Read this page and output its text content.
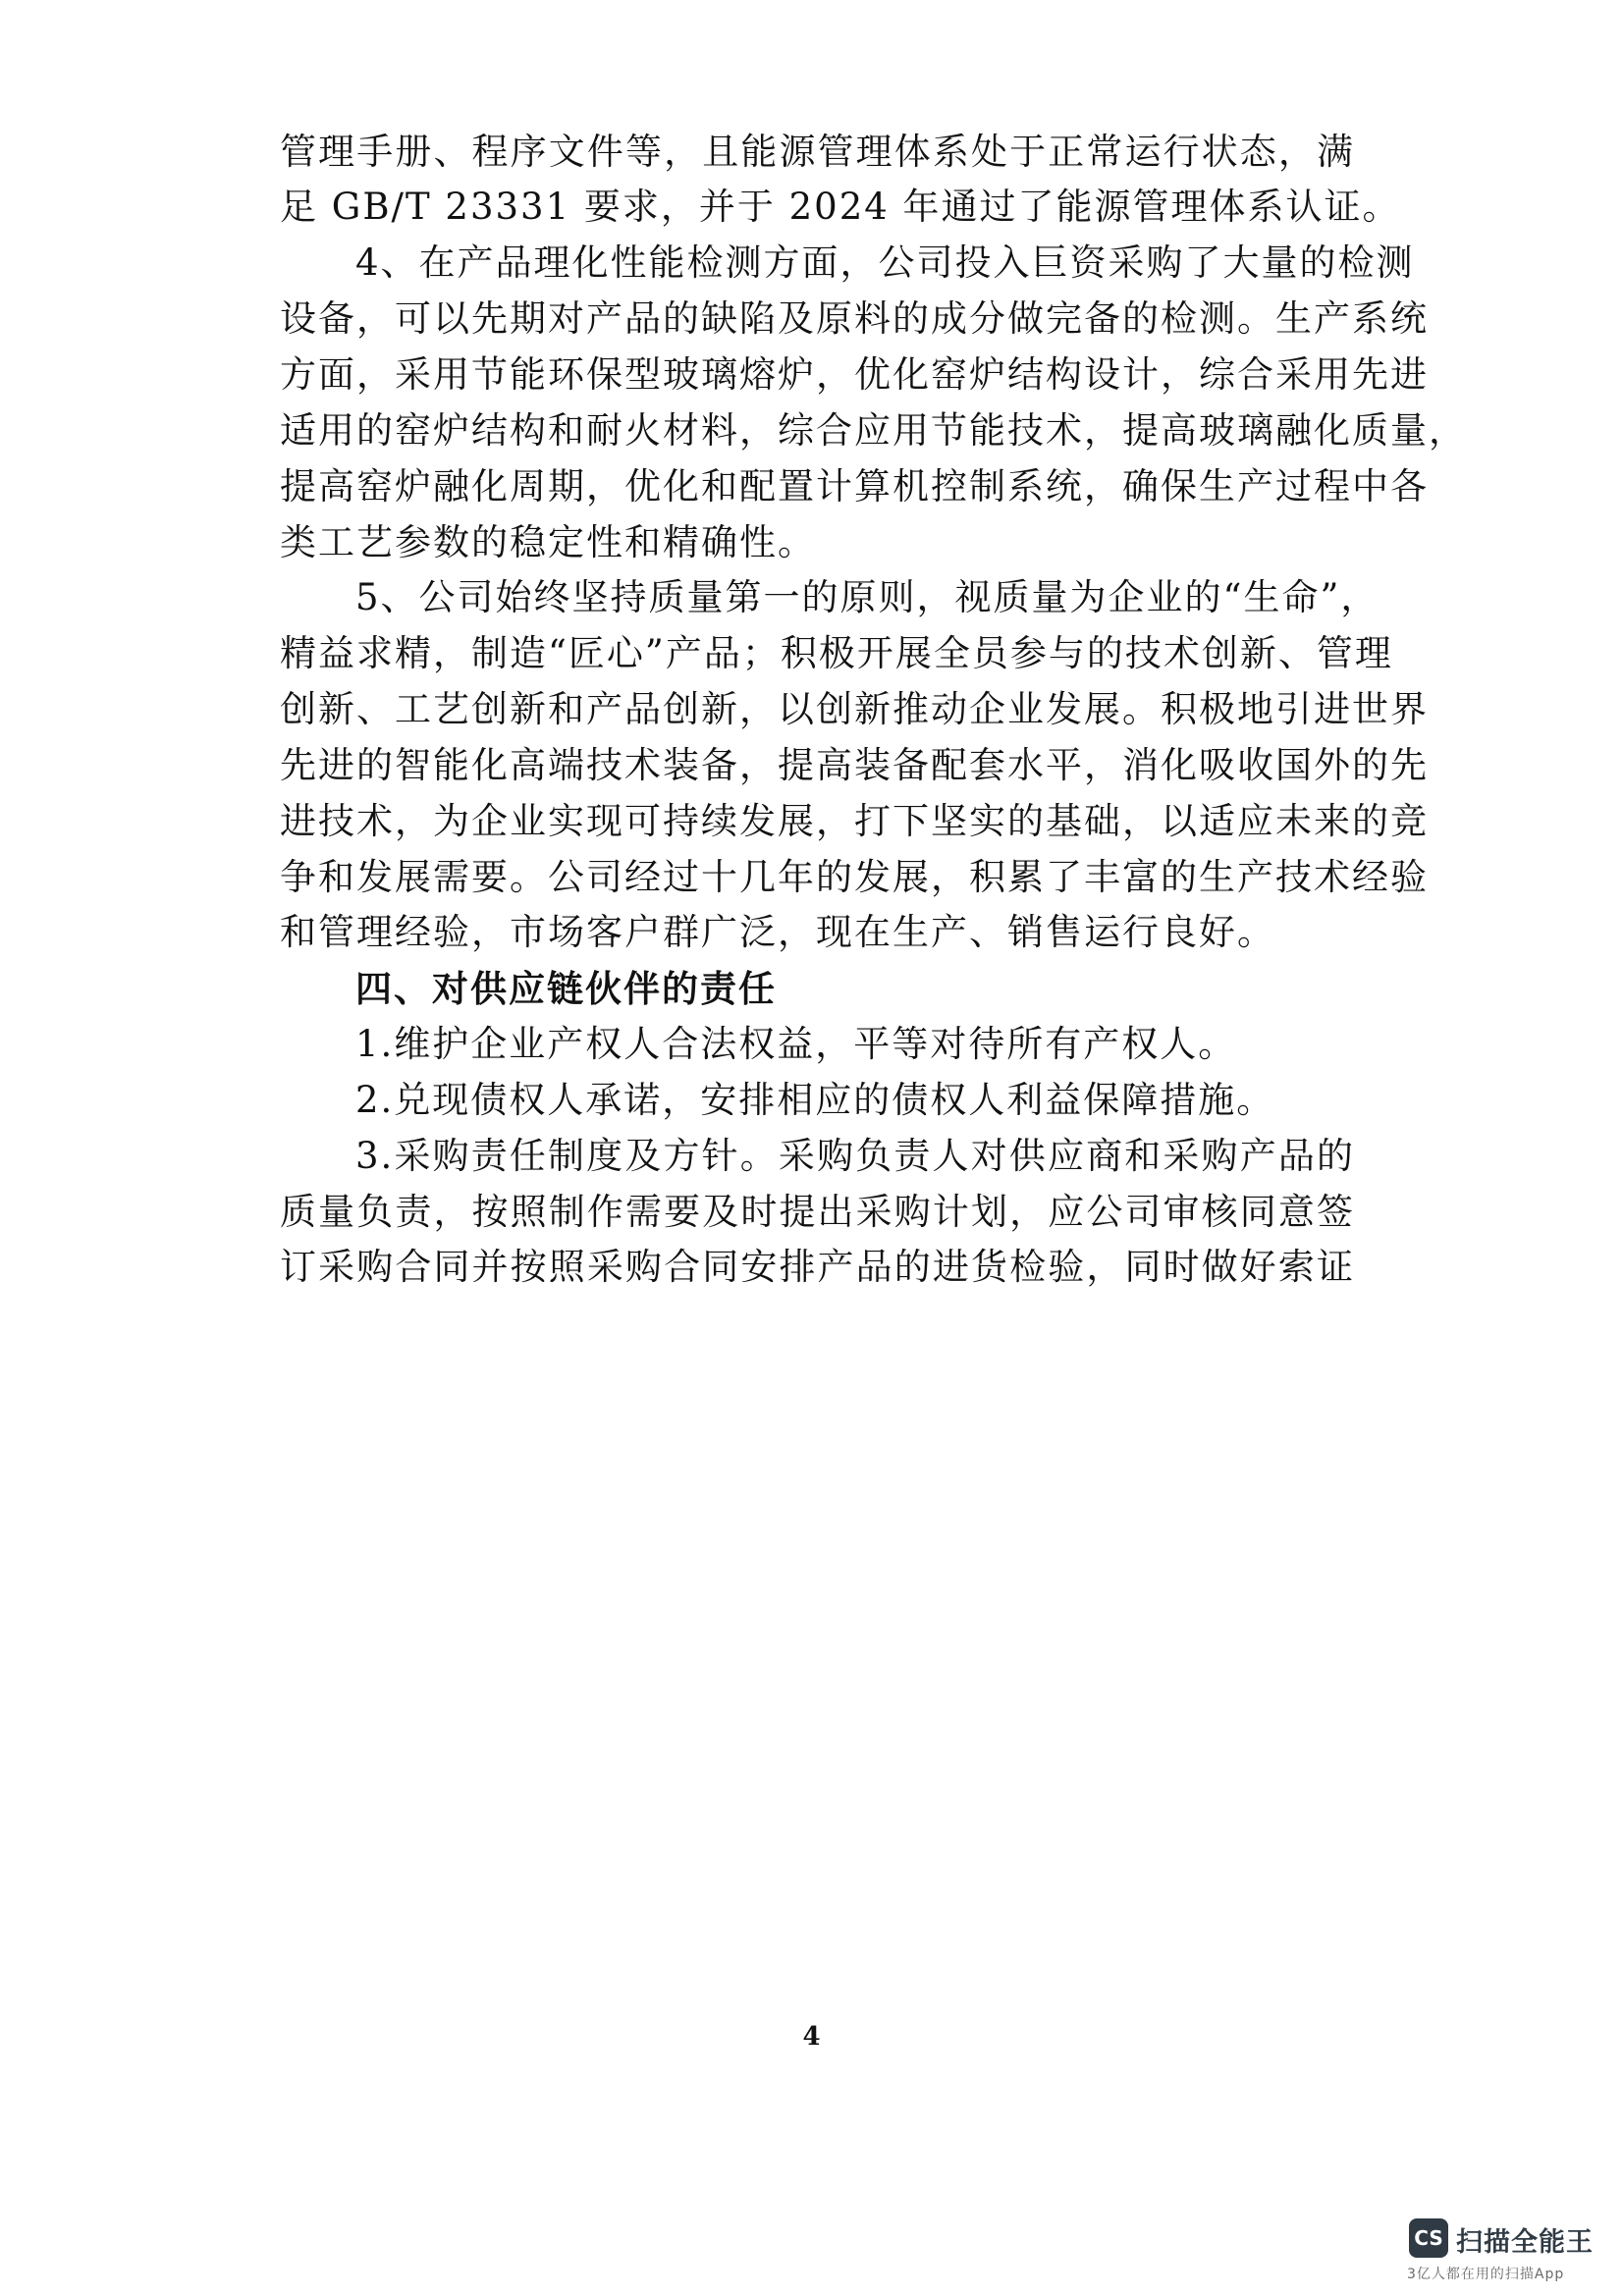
管理手册、程序文件等，且能源管理体系处于正常运行状态，满
足 GB/T 23331 要求，并于 2024 年通过了能源管理体系认证。
4、在产品理化性能检测方面，公司投入巨资采购了大量的检测
设备，可以先期对产品的缺陷及原料的成分做完备的检测。生产系统
方面，采用节能环保型玻璃熔炉，优化窑炉结构设计，综合采用先进
适用的窑炉结构和耐火材料，综合应用节能技术，提高玻璃融化质量，
提高窑炉融化周期，优化和配置计算机控制系统，确保生产过程中各
类工艺参数的稳定性和精确性。
5、公司始终坚持质量第一的原则，视质量为企业的“生命”，
精益求精，制造“匠心”产品；积极开展全员参与的技术创新、管理
创新、工艺创新和产品创新，以创新推动企业发展。积极地引进世界
先进的智能化高端技术装备，提高装备配套水平，消化吸收国外的先
进技术，为企业实现可持续发展，打下坚实的基础，以适应未来的竞
争和发展需要。公司经过十几年的发展，积累了丰富的生产技术经验
和管理经验，市场客户群广泛，现在生产、销售运行良好。
四、对供应链伙伴的责任
1.维护企业产权人合法权益，平等对待所有产权人。
2.兑现债权人承诺，安排相应的债权人利益保障措施。
3.采购责任制度及方针。采购负责人对供应商和采购产品的
质量负责，按照制作需要及时提出采购计划，应公司审核同意签
订采购合同并按照采购合同安排产品的进货检验，同时做好索证
4
CS 扫描全能王
3亿人都在用的扫描App
